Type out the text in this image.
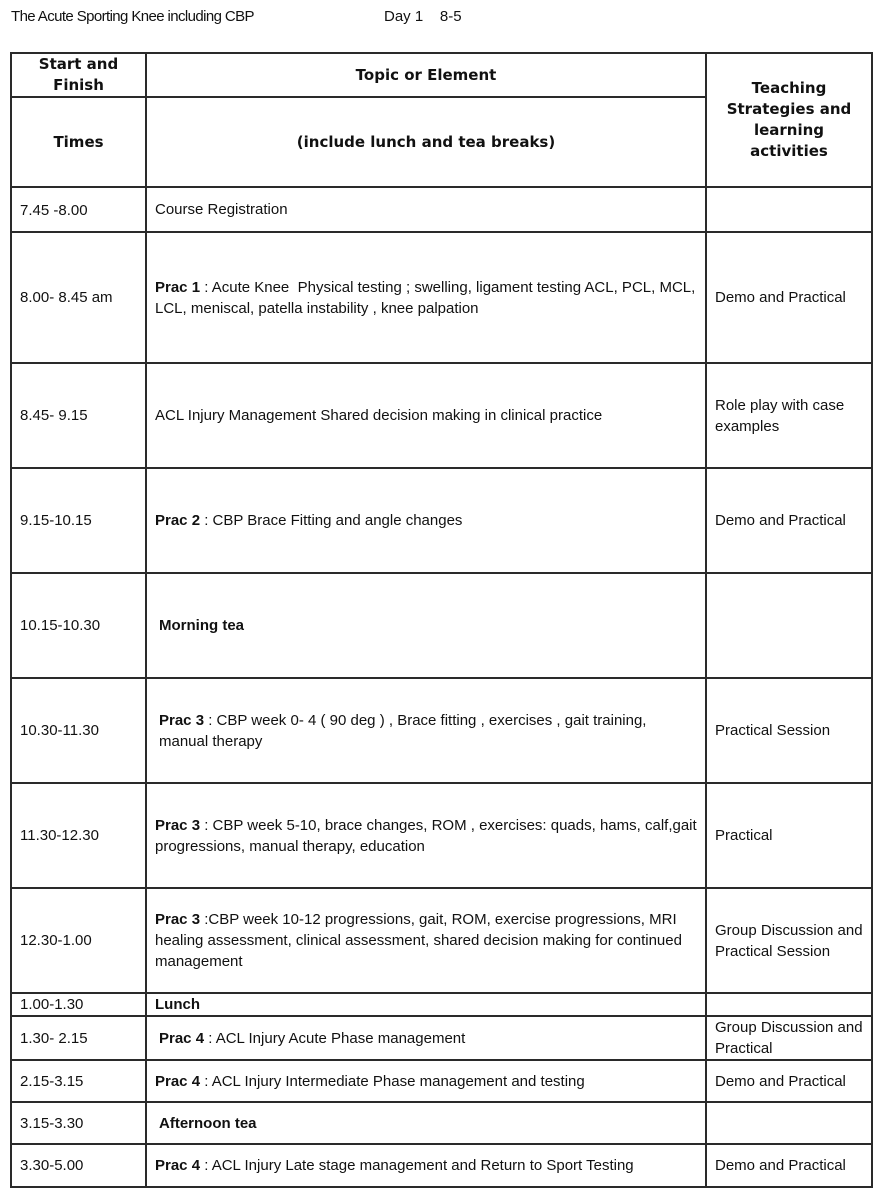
The Acute Sporting Knee including CBP	Day 1 8-5
Start and Finish	Topic or Element	Teaching Strategies and learning activities
Times	(include lunch and tea breaks)	
7.45 -8.00	Course Registration	
8.00- 8.45 am	Prac 1 : Acute Knee  Physical testing ; swelling, ligament testing ACL, PCL, MCL, LCL, meniscal, patella instability , knee palpation	Demo and Practical
8.45- 9.15	ACL Injury Management Shared decision making in clinical practice	Role play with case examples
9.15-10.15	Prac 2 : CBP Brace Fitting and angle changes	Demo and Practical
10.15-10.30	Morning tea	
10.30-11.30	Prac 3 : CBP week 0- 4 ( 90 deg ) , Brace fitting , exercises , gait training, manual therapy	Practical Session
11.30-12.30	Prac 3 : CBP week 5-10, brace changes, ROM , exercises: quads, hams, calf,gait progressions, manual therapy, education	Practical
12.30-1.00	Prac 3 :CBP week 10-12 progressions, gait, ROM, exercise progressions, MRI healing assessment, clinical assessment, shared decision making for continued management	Group Discussion and Practical Session
1.00-1.30	Lunch	
1.30- 2.15	Prac 4 : ACL Injury Acute Phase management	Group Discussion and Practical
2.15-3.15	Prac 4 : ACL Injury Intermediate Phase management and testing	Demo and Practical
3.15-3.30	Afternoon tea	
3.30-5.00	Prac 4 : ACL Injury Late stage management and Return to Sport Testing	Demo and Practical
